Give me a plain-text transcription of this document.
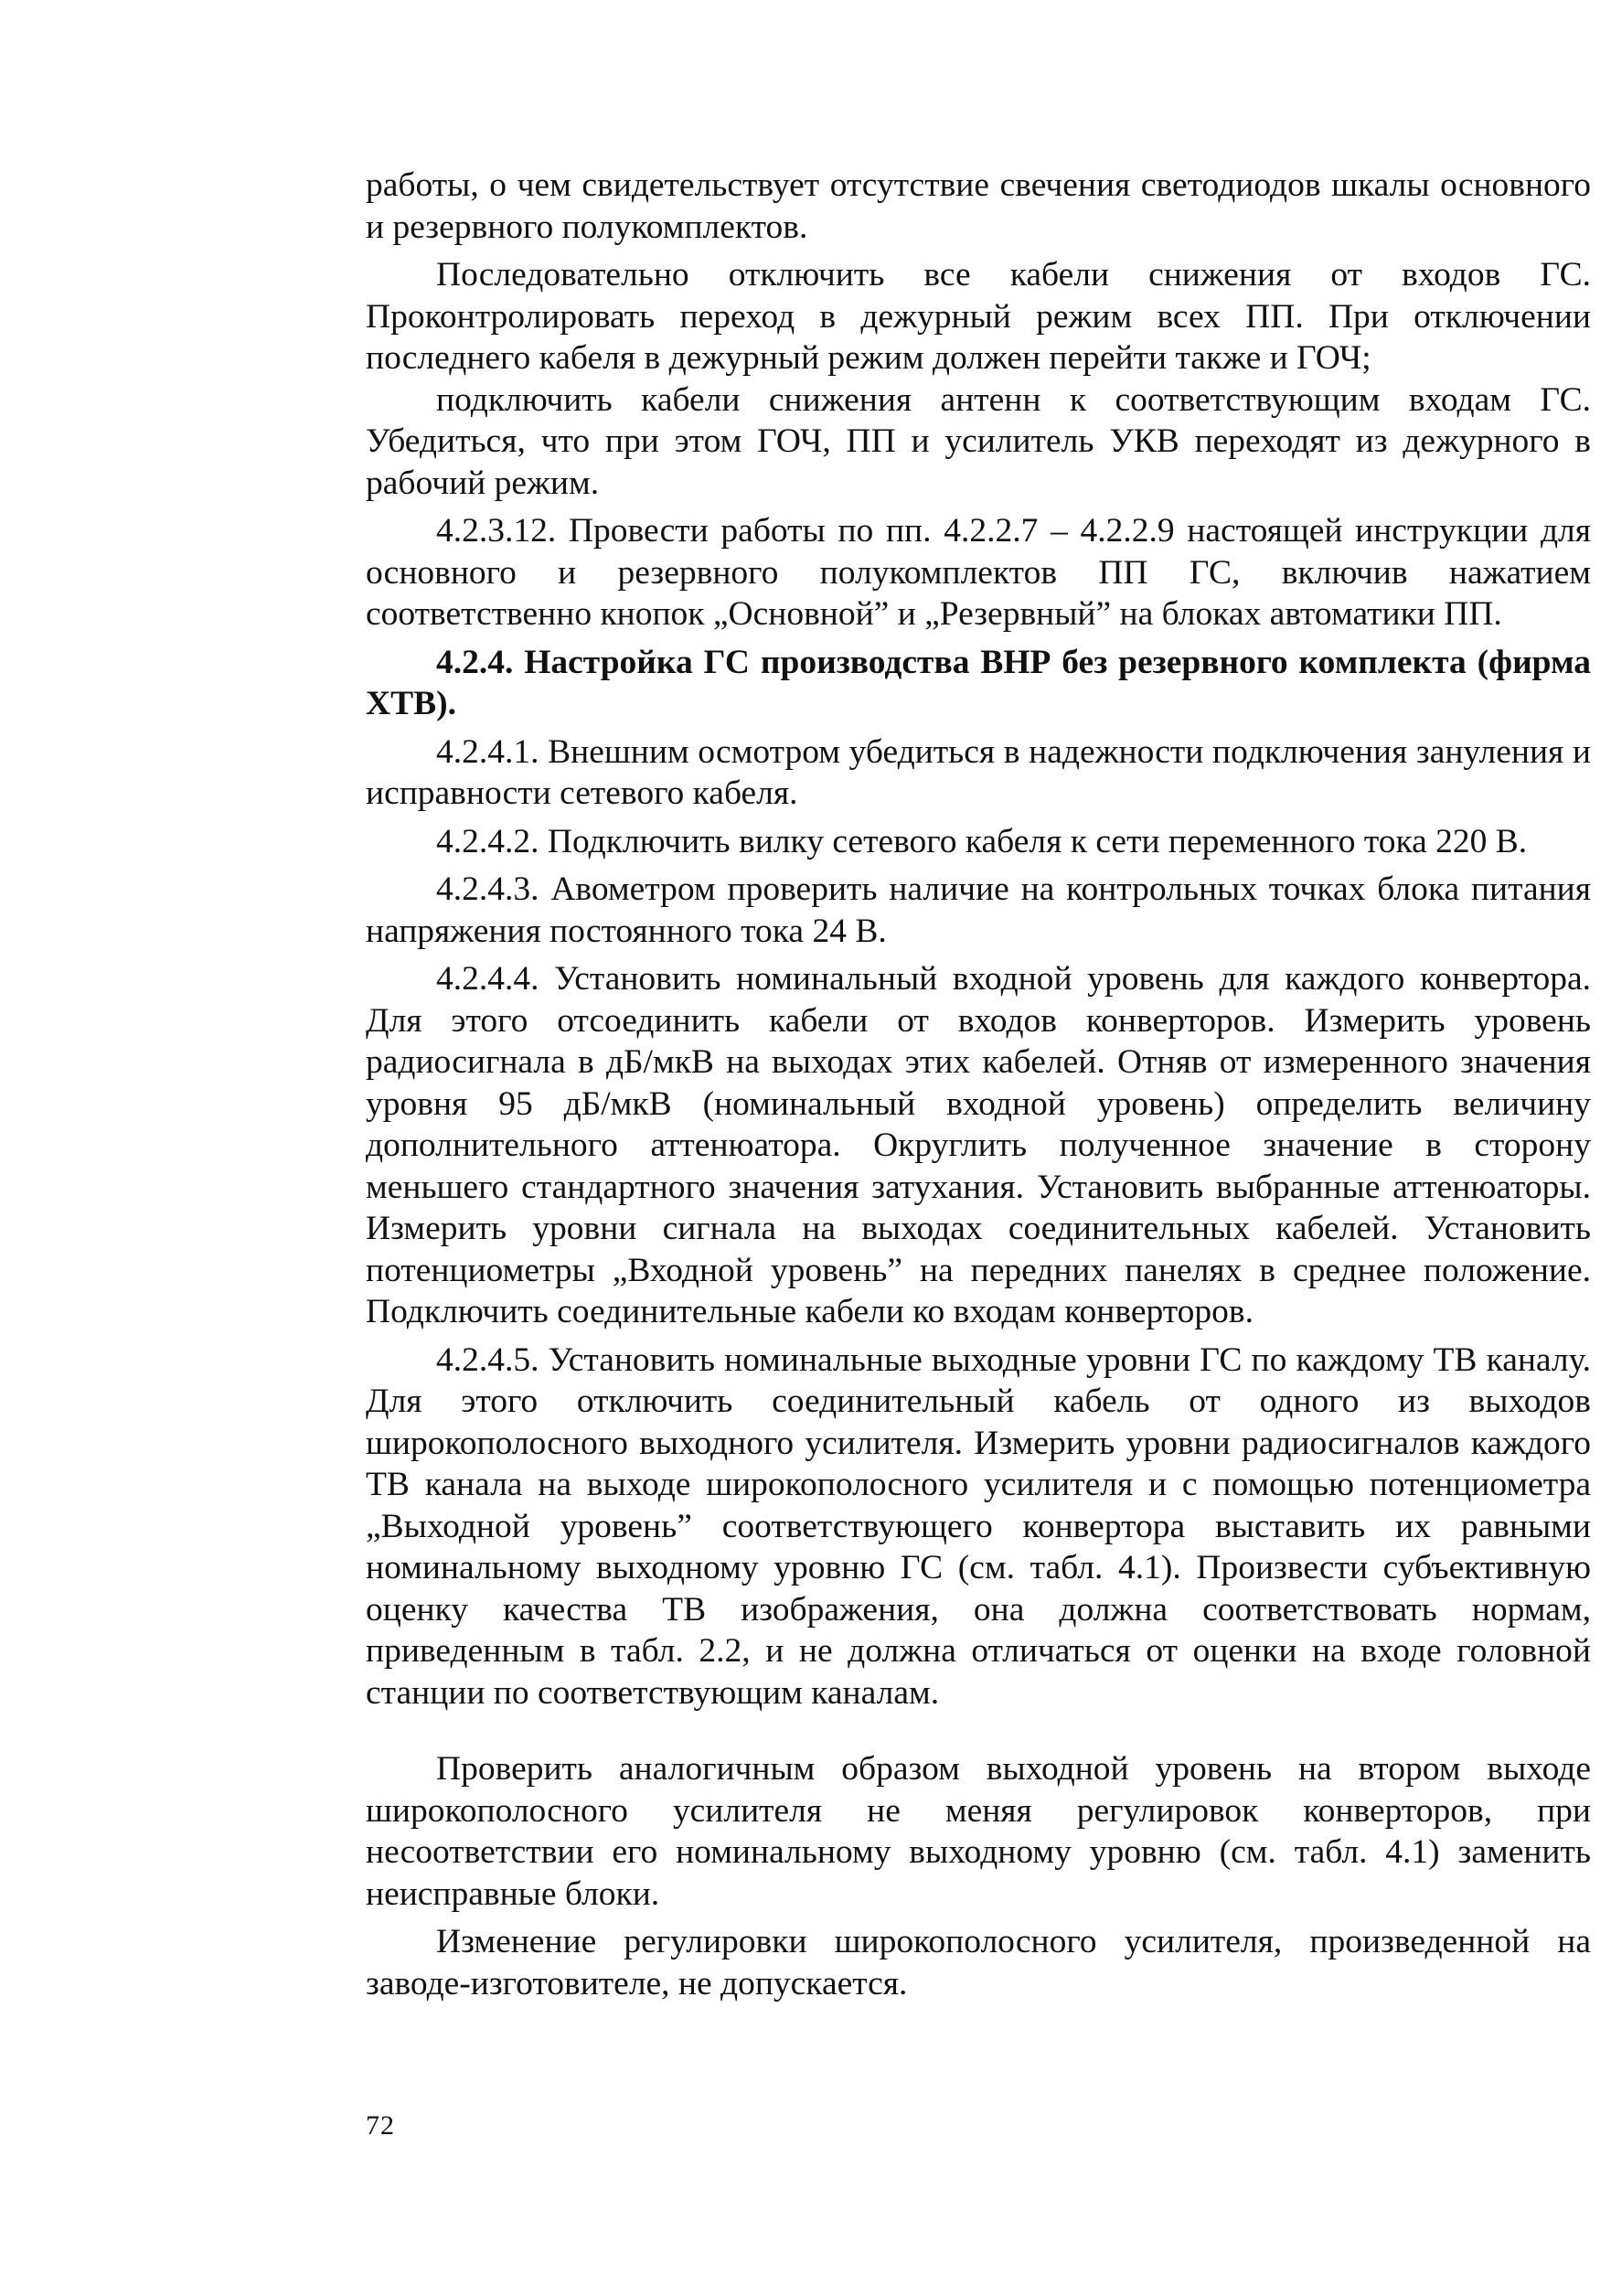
работы, о чем свидетельствует отсутствие свечения светодиодов шкалы основного и резервного полукомплектов.

Последовательно отключить все кабели снижения от входов ГС. Проконтролировать переход в дежурный режим всех ПП. При отключении последнего кабеля в дежурный режим должен перейти также и ГОЧ;

подключить кабели снижения антенн к соответствующим входам ГС. Убедиться, что при этом ГОЧ, ПП и усилитель УКВ переходят из дежурного в рабочий режим.

4.2.3.12. Провести работы по пп. 4.2.2.7 – 4.2.2.9 настоящей инструкции для основного и резервного полукомплектов ПП ГС, включив нажатием соответственно кнопок „Основной” и „Резервный” на блоках автоматики ПП.

4.2.4. Настройка ГС производства ВНР без резервного комплекта (фирма ХТВ).

4.2.4.1. Внешним осмотром убедиться в надежности подключения зануления и исправности сетевого кабеля.

4.2.4.2. Подключить вилку сетевого кабеля к сети переменного тока 220 В.

4.2.4.3. Авометром проверить наличие на контрольных точках блока питания напряжения постоянного тока 24 В.

4.2.4.4. Установить номинальный входной уровень для каждого конвертора. Для этого отсоединить кабели от входов конверторов. Измерить уровень радиосигнала в дБ/мкВ на выходах этих кабелей. Отняв от измеренного значения уровня 95 дБ/мкВ (номинальный входной уровень) определить величину дополнительного аттенюатора. Округлить полученное значение в сторону меньшего стандартного значения затухания. Установить выбранные аттенюаторы. Измерить уровни сигнала на выходах соединительных кабелей. Установить потенциометры „Входной уровень” на передних панелях в среднее положение. Подключить соединительные кабели ко входам конверторов.

4.2.4.5. Установить номинальные выходные уровни ГС по каждому ТВ каналу. Для этого отключить соединительный кабель от одного из выходов широкополосного выходного усилителя. Измерить уровни радиосигналов каждого ТВ канала на выходе широкополосного усилителя и с помощью потенциометра „Выходной уровень” соответствующего конвертора выставить их равными номинальному выходному уровню ГС (см. табл. 4.1). Произвести субъективную оценку качества ТВ изображения, она должна соответствовать нормам, приведенным в табл. 2.2, и не должна отличаться от оценки на входе головной станции по соответствующим каналам.

Проверить аналогичным образом выходной уровень на втором выходе широкополосного усилителя не меняя регулировок конверторов, при несоответствии его номинальному выходному уровню (см. табл. 4.1) заменить неисправные блоки.

Изменение регулировки широкополосного усилителя, произведенной на заводе-изготовителе, не допускается.

72
